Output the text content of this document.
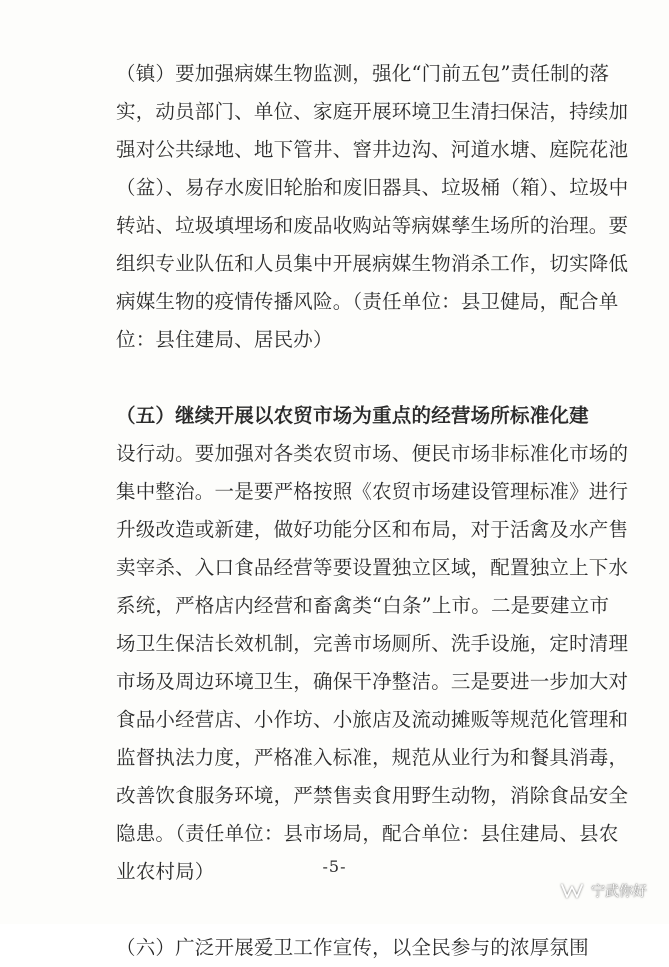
（镇）要加强病媒生物监测，强化“门前五包”责任制的落
实，动员部门、单位、家庭开展环境卫生清扫保洁，持续加
强对公共绿地、地下管井、窨井边沟、河道水塘、庭院花池
（盆）、易存水废旧轮胎和废旧器具、垃圾桶（箱）、垃圾中
转站、垃圾填埋场和废品收购站等病媒孳生场所的治理。要
组织专业队伍和人员集中开展病媒生物消杀工作，切实降低
病媒生物的疫情传播风险。（责任单位：县卫健局，配合单
位：县住建局、居民办）
（五）继续开展以农贸市场为重点的经营场所标准化建
设行动。要加强对各类农贸市场、便民市场非标准化市场的
集中整治。一是要严格按照《农贸市场建设管理标准》进行
升级改造或新建，做好功能分区和布局，对于活禽及水产售
卖宰杀、入口食品经营等要设置独立区域，配置独立上下水
系统，严格店内经营和畜禽类“白条”上市。二是要建立市
场卫生保洁长效机制，完善市场厕所、洗手设施，定时清理
市场及周边环境卫生，确保干净整洁。三是要进一步加大对
食品小经营店、小作坊、小旅店及流动摊贩等规范化管理和
监督执法力度，严格准入标准，规范从业行为和餐具消毒，
改善饮食服务环境，严禁售卖食用野生动物，消除食品安全
隐患。（责任单位：县市场局，配合单位：县住建局、县农
业农村局）
（六）广泛开展爱卫工作宣传，以全民参与的浓厚氛围
-5-
宁武你好
